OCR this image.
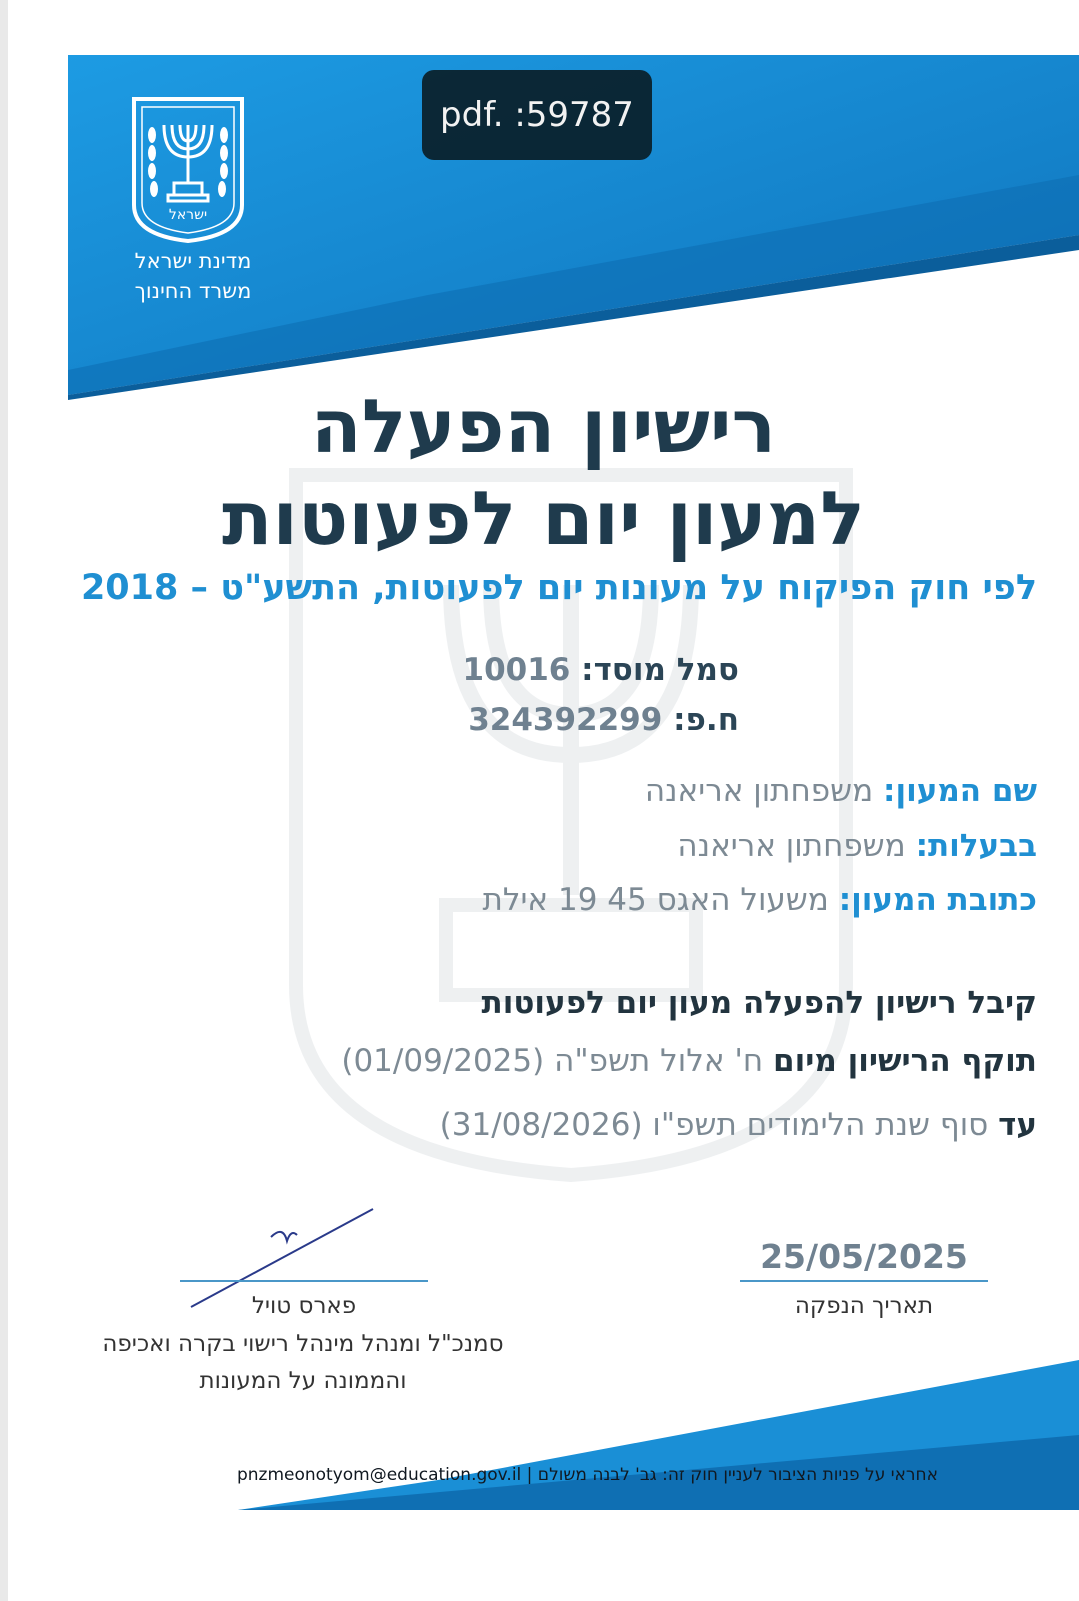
ישראל
מדינת ישראל
משרד החינוך
pdf. :59787
רישיון הפעלה
למעון יום לפעוטות
לפי חוק הפיקוח על מעונות יום לפעוטות, התשע"ט – 2018
סמל מוסד: 10016
ח.פ: 324392299
שם המעון: משפחתון אריאנה
בבעלות: משפחתון אריאנה
כתובת המעון: משעול האגס 45 19 אילת
קיבל רישיון להפעלה מעון יום לפעוטות
תוקף הרישיון מיום ח' אלול תשפ"ה (01/09/2025)
עד סוף שנת הלימודים תשפ"ו (31/08/2026)
פארס טויל
סמנכ"ל ומנהל מינהל רישוי בקרה ואכיפה
והממונה על המעונות
25/05/2025
תאריך הנפקה
אחראי על פניות הציבור לעניין חוק זה: גב' לבנה משולם | pnzmeonotyom@education.gov.il
